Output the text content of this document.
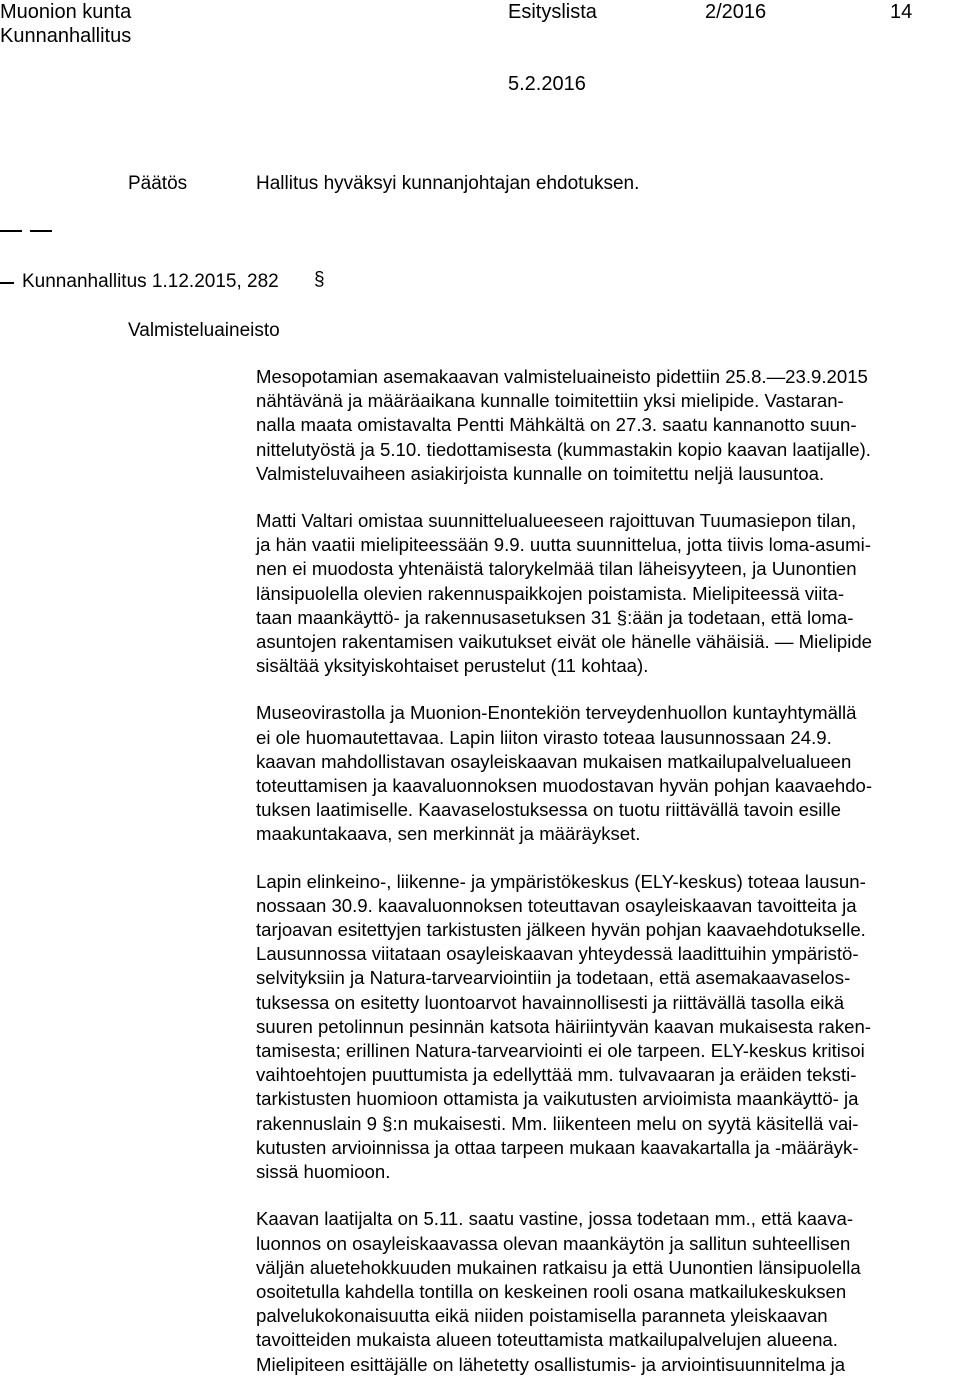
Muonion kunta
Kunnanhallitus
Esityslista	2/2016	14
5.2.2016
Päätös	Hallitus hyväksyi kunnanjohtajan ehdotuksen.
Kunnanhallitus 1.12.2015, 282 §
Valmisteluaineisto
Mesopotamian asemakaavan valmisteluaineisto pidettiin 25.8.—23.9.2015
nähtävänä ja määräaikana kunnalle toimitettiin yksi mielipide. Vastaran-
nalla maata omistavalta Pentti Mähkältä on 27.3. saatu kannanotto suun-
nittelutyöstä ja 5.10. tiedottamisesta (kummastakin kopio kaavan laatijalle).
Valmisteluvaiheen asiakirjoista kunnalle on toimitettu neljä lausuntoa.
Matti Valtari omistaa suunnittelualueeseen rajoittuvan Tuumasiepon tilan,
ja hän vaatii mielipiteessään 9.9. uutta suunnittelua, jotta tiivis loma-asumi-
nen ei muodosta yhtenäistä talorykelmää tilan läheisyyteen, ja Uunontien
länsipuolella olevien rakennuspaikkojen poistamista. Mielipiteessä viita-
taan maankäyttö- ja rakennusasetuksen 31 §:ään ja todetaan, että loma-
asuntojen rakentamisen vaikutukset eivät ole hänelle vähäisiä. — Mielipide
sisältää yksityiskohtaiset perustelut (11 kohtaa).
Museovirastolla ja Muonion-Enontekiön terveydenhuollon kuntayhtymällä
ei ole huomautettavaa. Lapin liiton virasto toteaa lausunnossaan 24.9.
kaavan mahdollistavan osayleiskaavan mukaisen matkailupalvelualueen
toteuttamisen ja kaavaluonnoksen muodostavan hyvän pohjan kaavaehdo-
tuksen laatimiselle. Kaavaselostuksessa on tuotu riittävällä tavoin esille
maakuntakaava, sen merkinnät ja määräykset.
Lapin elinkeino-, liikenne- ja ympäristökeskus (ELY-keskus) toteaa lausun-
nossaan 30.9. kaavaluonnoksen toteuttavan osayleiskaavan tavoitteita ja
tarjoavan esitettyjen tarkistusten jälkeen hyvän pohjan kaavaehdotukselle.
Lausunnossa viitataan osayleiskaavan yhteydessä laadittuihin ympäristö-
selvityksiin ja Natura-tarvearviointiin ja todetaan, että asemakaavaselos-
tuksessa on esitetty luontoarvot havainnollisesti ja riittävällä tasolla eikä
suuren petolinnun pesinnän katsota häiriintyvän kaavan mukaisesta raken-
tamisesta; erillinen Natura-tarvearviointi ei ole tarpeen. ELY-keskus kritisoi
vaihtoehtojen puuttumista ja edellyttää mm. tulvavaaran ja eräiden teksti-
tarkistusten huomioon ottamista ja vaikutusten arvioimista maankäyttö- ja
rakennuslain 9 §:n mukaisesti. Mm. liikenteen melu on syytä käsitellä vai-
kutusten arvioinnissa ja ottaa tarpeen mukaan kaavakartalla ja -määräyk-
sissä huomioon.
Kaavan laatijalta on 5.11. saatu vastine, jossa todetaan mm., että kaava-
luonnos on osayleiskaavassa olevan maankäytön ja sallitun suhteellisen
väljän aluetehokkuuden mukainen ratkaisu ja että Uunontien länsipuolella
osoitetulla kahdella tontilla on keskeinen rooli osana matkailukeskuksen
palvelukokonaisuutta eikä niiden poistamisella paranneta yleiskaavan
tavoitteiden mukaista alueen toteuttamista matkailupalvelujen alueena.
Mielipiteen esittäjälle on lähetetty osallistumis- ja arviointisuunnitelma ja
